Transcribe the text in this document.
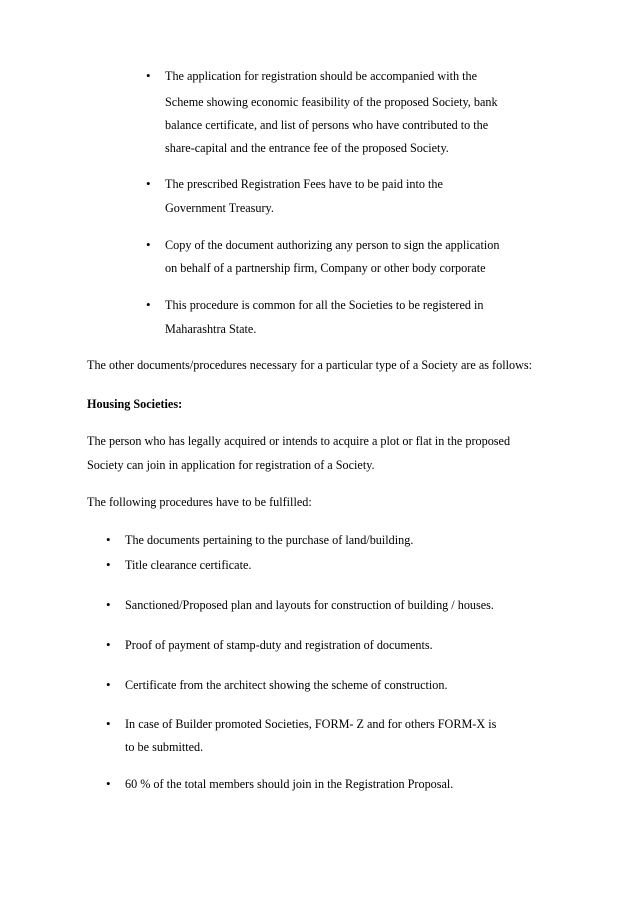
• The application for registration should be accompanied with the
Scheme showing economic feasibility of the proposed Society, bank
balance certificate, and list of persons who have contributed to the
share-capital and the entrance fee of the proposed Society.
• The prescribed Registration Fees have to be paid into the
Government Treasury.
• Copy of the document authorizing any person to sign the application
on behalf of a partnership firm, Company or other body corporate
• This procedure is common for all the Societies to be registered in
Maharashtra State.
The other documents/procedures necessary for a particular type of a Society are as follows:
Housing Societies:
The person who has legally acquired or intends to acquire a plot or flat in the proposed
Society can join in application for registration of a Society.
The following procedures have to be fulfilled:
• The documents pertaining to the purchase of land/building.
• Title clearance certificate.
• Sanctioned/Proposed plan and layouts for construction of building / houses.
• Proof of payment of stamp-duty and registration of documents.
• Certificate from the architect showing the scheme of construction.
• In case of Builder promoted Societies, FORM- Z and for others FORM-X is
to be submitted.
• 60 % of the total members should join in the Registration Proposal.
